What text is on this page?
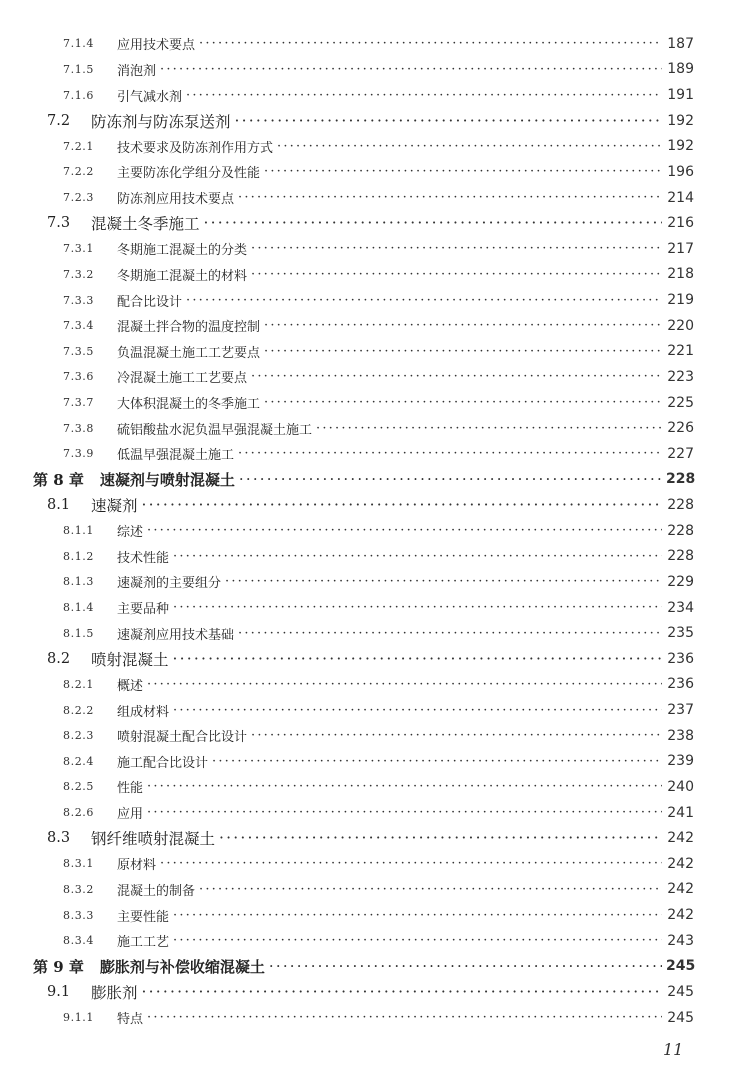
7.1.4	应用技术要点 ·····	187
7.1.5	消泡剂 ·····	189
7.1.6	引气减水剂 ·····	191
7.2	防冻剂与防冻泵送剂 ·····	192
7.2.1	技术要求及防冻剂作用方式 ·····	192
7.2.2	主要防冻化学组分及性能 ·····	196
7.2.3	防冻剂应用技术要点 ·····	214
7.3	混凝土冬季施工 ·····	216
7.3.1	冬期施工混凝土的分类 ·····	217
7.3.2	冬期施工混凝土的材料 ·····	218
7.3.3	配合比设计 ·····	219
7.3.4	混凝土拌合物的温度控制 ·····	220
7.3.5	负温混凝土施工工艺要点 ·····	221
7.3.6	冷混凝土施工工艺要点 ·····	223
7.3.7	大体积混凝土的冬季施工 ·····	225
7.3.8	硫铝酸盐水泥负温早强混凝土施工 ·····	226
7.3.9	低温早强混凝土施工 ·····	227
第 8 章 速凝剂与喷射混凝土 ·····	228
8.1	速凝剂 ·····	228
8.1.1	综述 ·····	228
8.1.2	技术性能 ·····	228
8.1.3	速凝剂的主要组分 ·····	229
8.1.4	主要品种 ·····	234
8.1.5	速凝剂应用技术基础 ·····	235
8.2	喷射混凝土 ·····	236
8.2.1	概述 ·····	236
8.2.2	组成材料 ·····	237
8.2.3	喷射混凝土配合比设计 ·····	238
8.2.4	施工配合比设计 ·····	239
8.2.5	性能 ·····	240
8.2.6	应用 ·····	241
8.3	钢纤维喷射混凝土 ·····	242
8.3.1	原材料 ·····	242
8.3.2	混凝土的制备 ·····	242
8.3.3	主要性能 ·····	242
8.3.4	施工工艺 ·····	243
第 9 章 膨胀剂与补偿收缩混凝土 ·····	245
9.1	膨胀剂 ·····	245
9.1.1	特点 ·····	245
11
